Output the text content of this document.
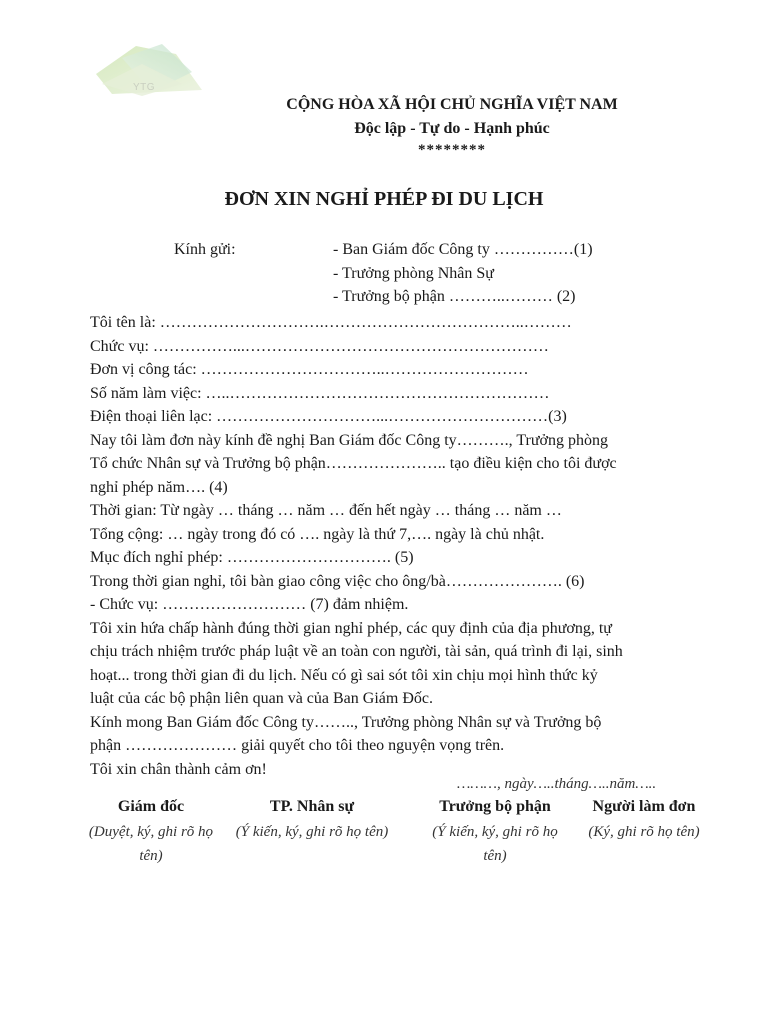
YTG
CỘNG HÒA XÃ HỘI CHỦ NGHĨA VIỆT NAM
Độc lập - Tự do - Hạnh phúc
********
ĐƠN XIN NGHỈ PHÉP ĐI DU LỊCH
Kính gửi:	- Ban Giám đốc Công ty ……………(1)
- Trưởng phòng Nhân Sự
- Trưởng bộ phận ………..……… (2)
Tôi tên là: ………………………….………………………………..………
Chức vụ: ……………...…………………………………………………
Đơn vị công tác: ……………………………..………………………
Số năm làm việc: …..……………………………………………………
Điện thoại liên lạc: …………………………...…………………………(3)
Nay tôi làm đơn này kính đề nghị Ban Giám đốc Công ty………., Trưởng phòng
Tổ chức Nhân sự và Trưởng bộ phận………………….. tạo điều kiện cho tôi được
nghỉ phép năm…. (4)
Thời gian: Từ ngày … tháng … năm … đến hết ngày … tháng … năm …
Tổng cộng: … ngày trong đó có …. ngày là thứ 7,…. ngày là chủ nhật.
Mục đích nghỉ phép: …………………………. (5)
Trong thời gian nghỉ, tôi bàn giao công việc cho ông/bà…………………. (6)
- Chức vụ: ……………………… (7) đảm nhiệm.
Tôi xin hứa chấp hành đúng thời gian nghỉ phép, các quy định của địa phương, tự
chịu trách nhiệm trước pháp luật về an toàn con người, tài sản, quá trình đi lại, sinh
hoạt... trong thời gian đi du lịch. Nếu có gì sai sót tôi xin chịu mọi hình thức kỷ
luật của các bộ phận liên quan và của Ban Giám Đốc.
Kính mong Ban Giám đốc Công ty…….., Trưởng phòng Nhân sự và Trưởng bộ
phận ………………… giải quyết cho tôi theo nguyện vọng trên.
Tôi xin chân thành cảm ơn!
………, ngày…..tháng…..năm…..
Giám đốc
(Duyệt, ký, ghi rõ họ tên)
TP. Nhân sự
(Ý kiến, ký, ghi rõ họ tên)
Trưởng bộ phận
(Ý kiến, ký, ghi rõ họ tên)
Người làm đơn
(Ký, ghi rõ họ tên)
